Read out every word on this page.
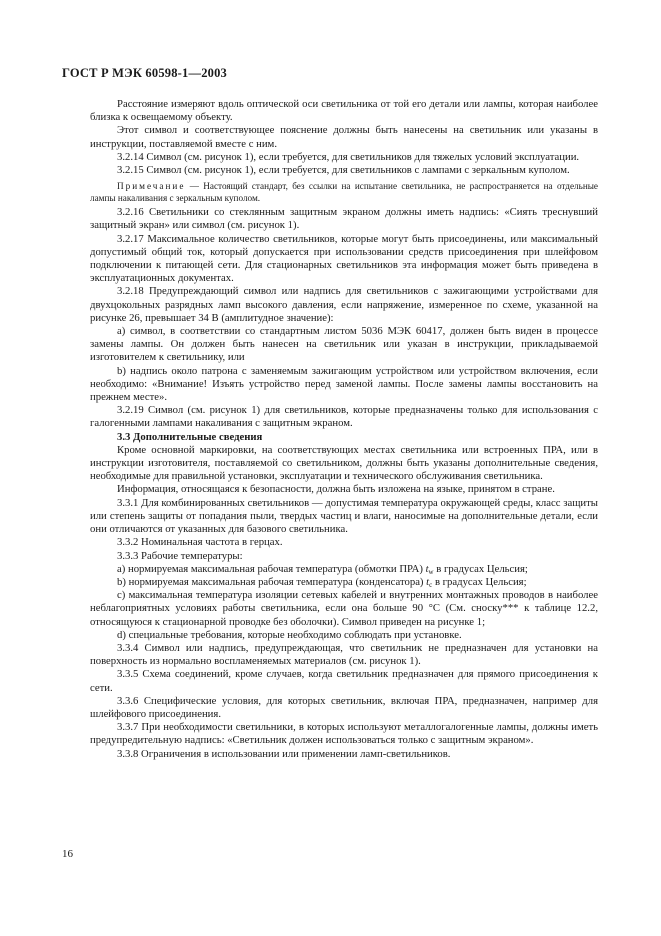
ГОСТ Р МЭК 60598-1—2003

Расстояние измеряют вдоль оптической оси светильника от той его детали или лампы, которая наиболее близка к освещаемому объекту.

Этот символ и соответствующее пояснение должны быть нанесены на светильник или указаны в инструкции, поставляемой вместе с ним.

3.2.14 Символ (см. рисунок 1), если требуется, для светильников для тяжелых условий эксплуатации.

3.2.15 Символ (см. рисунок 1), если требуется, для светильников с лампами с зеркальным куполом.

Примечание — Настоящий стандарт, без ссылки на испытание светильника, не распространяется на отдельные лампы накаливания с зеркальным куполом.

3.2.16 Светильники со стеклянным защитным экраном должны иметь надпись: «Сиять треснувший защитный экран» или символ (см. рисунок 1).

3.2.17 Максимальное количество светильников, которые могут быть присоединены, или максимальный допустимый общий ток, который допускается при использовании средств присоединения при шлейфовом подключении к питающей сети. Для стационарных светильников эта информация может быть приведена в эксплуатационных документах.

3.2.18 Предупреждающий символ или надпись для светильников с зажигающими устройствами для двухцокольных разрядных ламп высокого давления, если напряжение, измеренное по схеме, указанной на рисунке 26, превышает 34 В (амплитудное значение):

а) символ, в соответствии со стандартным листом 5036 МЭК 60417, должен быть виден в процессе замены лампы. Он должен быть нанесен на светильник или указан в инструкции, прикладываемой изготовителем к светильнику, или

b) надпись около патрона с заменяемым зажигающим устройством или устройством включения, если необходимо: «Внимание! Изъять устройство перед заменой лампы. После замены лампы восстановить на прежнем месте».

3.2.19 Символ (см. рисунок 1) для светильников, которые предназначены только для использования с галогенными лампами накаливания с защитным экраном.

3.3 Дополнительные сведения

Кроме основной маркировки, на соответствующих местах светильника или встроенных ПРА, или в инструкции изготовителя, поставляемой со светильником, должны быть указаны дополнительные сведения, необходимые для правильной установки, эксплуатации и технического обслуживания светильника.

Информация, относящаяся к безопасности, должна быть изложена на языке, принятом в стране.

3.3.1 Для комбинированных светильников — допустимая температура окружающей среды, класс защиты или степень защиты от попадания пыли, твердых частиц и влаги, наносимые на дополнительные детали, если они отличаются от указанных для базового светильника.

3.3.2 Номинальная частота в герцах.

3.3.3 Рабочие температуры:

а) нормируемая максимальная рабочая температура (обмотки ПРА) $t_w$ в градусах Цельсия;

b) нормируемая максимальная рабочая температура (конденсатора) $t_c$ в градусах Цельсия;

с) максимальная температура изоляции сетевых кабелей и внутренних монтажных проводов в наиболее неблагоприятных условиях работы светильника, если она больше 90 °С (См. сноску*** к таблице 12.2, относящуюся к стационарной проводке без оболочки). Символ приведен на рисунке 1;

d) специальные требования, которые необходимо соблюдать при установке.

3.3.4 Символ или надпись, предупреждающая, что светильник не предназначен для установки на поверхность из нормально воспламеняемых материалов (см. рисунок 1).

3.3.5 Схема соединений, кроме случаев, когда светильник предназначен для прямого присоединения к сети.

3.3.6 Специфические условия, для которых светильник, включая ПРА, предназначен, например для шлейфового присоединения.

3.3.7 При необходимости светильники, в которых используют металлогалогенные лампы, должны иметь предупредительную надпись: «Светильник должен использоваться только с защитным экраном».

3.3.8 Ограничения в использовании или применении ламп-светильников.

16
